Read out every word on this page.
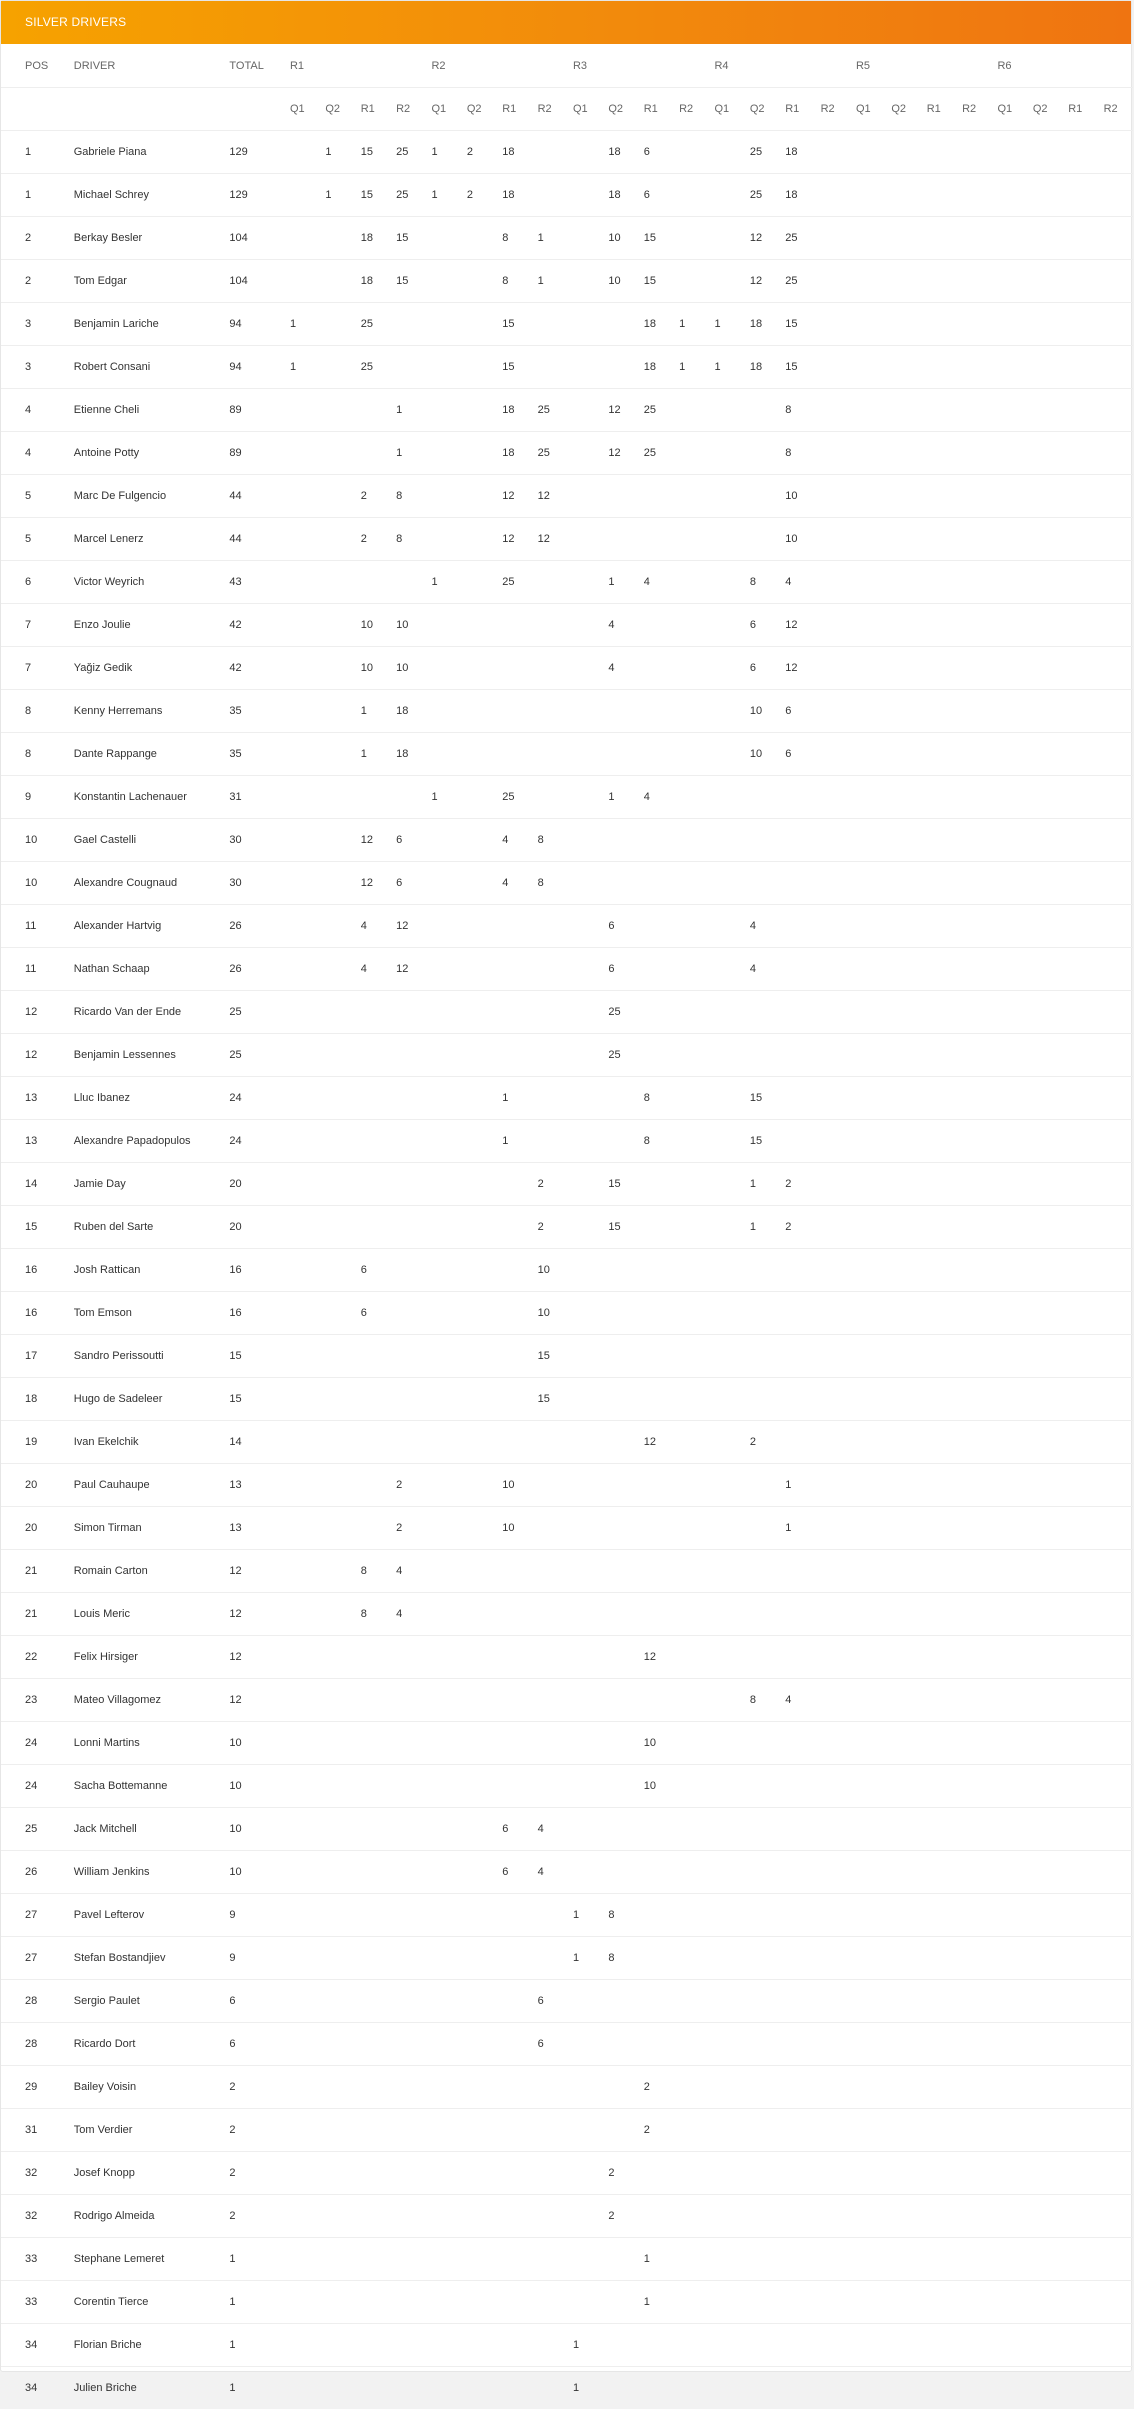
SILVER DRIVERS
POS	DRIVER	TOTAL	R1				R2				R3				R4				R5				R6			
			Q1	Q2	R1	R2	Q1	Q2	R1	R2	Q1	Q2	R1	R2	Q1	Q2	R1	R2	Q1	Q2	R1	R2	Q1	Q2	R1	R2
1	Gabriele Piana	129		1	15	25	1	2	18			18	6			25	18									
1	Michael Schrey	129		1	15	25	1	2	18			18	6			25	18									
2	Berkay Besler	104			18	15			8	1		10	15			12	25									
2	Tom Edgar	104			18	15			8	1		10	15			12	25									
3	Benjamin Lariche	94	1		25				15				18	1	1	18	15									
3	Robert Consani	94	1		25				15				18	1	1	18	15									
4	Etienne Cheli	89				1			18	25		12	25				8									
4	Antoine Potty	89				1			18	25		12	25				8									
5	Marc De Fulgencio	44			2	8			12	12							10									
5	Marcel Lenerz	44			2	8			12	12							10									
6	Victor Weyrich	43					1		25			1	4			8	4									
7	Enzo Joulie	42			10	10						4				6	12									
7	Yağiz Gedik	42			10	10						4				6	12									
8	Kenny Herremans	35			1	18										10	6									
8	Dante Rappange	35			1	18										10	6									
9	Konstantin Lachenauer	31					1		25			1	4													
10	Gael Castelli	30			12	6			4	8																
10	Alexandre Cougnaud	30			12	6			4	8																
11	Alexander Hartvig	26			4	12						6				4										
11	Nathan Schaap	26			4	12						6				4										
12	Ricardo Van der Ende	25										25														
12	Benjamin Lessennes	25										25														
13	Lluc Ibanez	24							1				8			15										
13	Alexandre Papadopulos	24							1				8			15										
14	Jamie Day	20								2		15				1	2									
15	Ruben del Sarte	20								2		15				1	2									
16	Josh Rattican	16			6					10																
16	Tom Emson	16			6					10																
17	Sandro Perissoutti	15								15																
18	Hugo de Sadeleer	15								15																
19	Ivan Ekelchik	14											12			2										
20	Paul Cauhaupe	13				2			10								1									
20	Simon Tirman	13				2			10								1									
21	Romain Carton	12			8	4																				
21	Louis Meric	12			8	4																				
22	Felix Hirsiger	12											12													
23	Mateo Villagomez	12														8	4									
24	Lonni Martins	10											10													
24	Sacha Bottemanne	10											10													
25	Jack Mitchell	10							6	4																
26	William Jenkins	10							6	4																
27	Pavel Lefterov	9									1	8														
27	Stefan Bostandjiev	9									1	8														
28	Sergio Paulet	6								6																
28	Ricardo Dort	6								6																
29	Bailey Voisin	2											2													
31	Tom Verdier	2											2													
32	Josef Knopp	2										2														
32	Rodrigo Almeida	2										2														
33	Stephane Lemeret	1											1													
33	Corentin Tierce	1											1													
34	Florian Briche	1									1															
34	Julien Briche	1									1															
